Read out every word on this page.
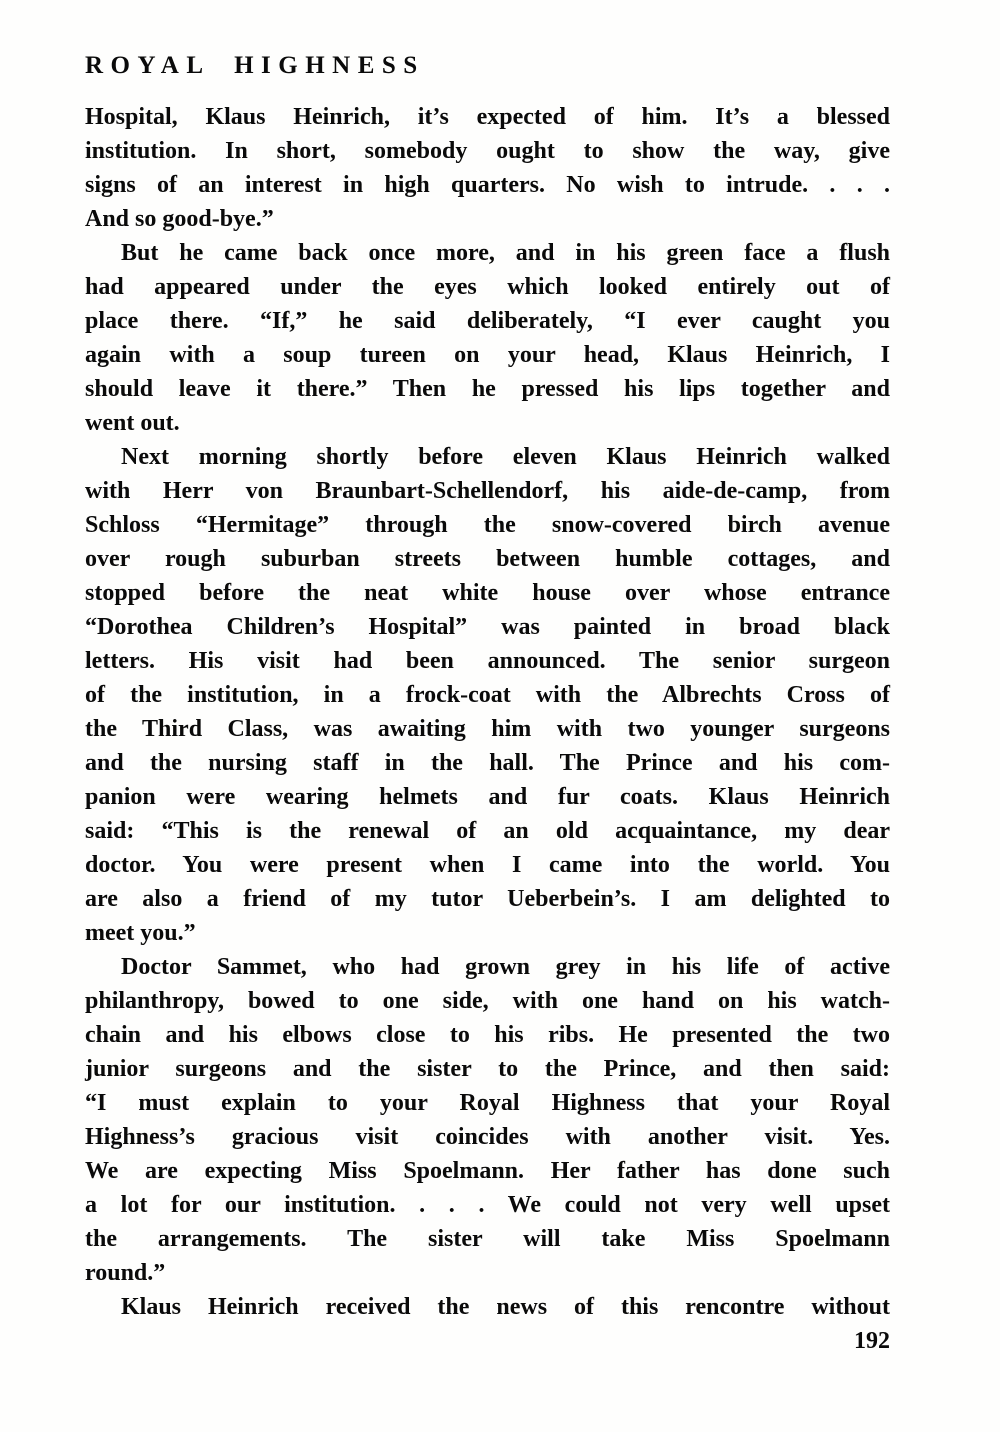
ROYAL HIGHNESS
Hospital, Klaus Heinrich, it’s expected of him. It’s a blessed
institution. In short, somebody ought to show the way, give
signs of an interest in high quarters. No wish to intrude. . . .
And so good-bye.”
But he came back once more, and in his green face a flush
had appeared under the eyes which looked entirely out of
place there. “If,” he said deliberately, “I ever caught you
again with a soup tureen on your head, Klaus Heinrich, I
should leave it there.” Then he pressed his lips together and
went out.
Next morning shortly before eleven Klaus Heinrich walked
with Herr von Braunbart-Schellendorf, his aide-de-camp, from
Schloss “Hermitage” through the snow-covered birch avenue
over rough suburban streets between humble cottages, and
stopped before the neat white house over whose entrance
“Dorothea Children’s Hospital” was painted in broad black
letters. His visit had been announced. The senior surgeon
of the institution, in a frock-coat with the Albrechts Cross of
the Third Class, was awaiting him with two younger surgeons
and the nursing staff in the hall. The Prince and his com-
panion were wearing helmets and fur coats. Klaus Heinrich
said: “This is the renewal of an old acquaintance, my dear
doctor. You were present when I came into the world. You
are also a friend of my tutor Ueberbein’s. I am delighted to
meet you.”
Doctor Sammet, who had grown grey in his life of active
philanthropy, bowed to one side, with one hand on his watch-
chain and his elbows close to his ribs. He presented the two
junior surgeons and the sister to the Prince, and then said:
“I must explain to your Royal Highness that your Royal
Highness’s gracious visit coincides with another visit. Yes.
We are expecting Miss Spoelmann. Her father has done such
a lot for our institution. . . . We could not very well upset
the arrangements. The sister will take Miss Spoelmann
round.”
Klaus Heinrich received the news of this rencontre without
192
